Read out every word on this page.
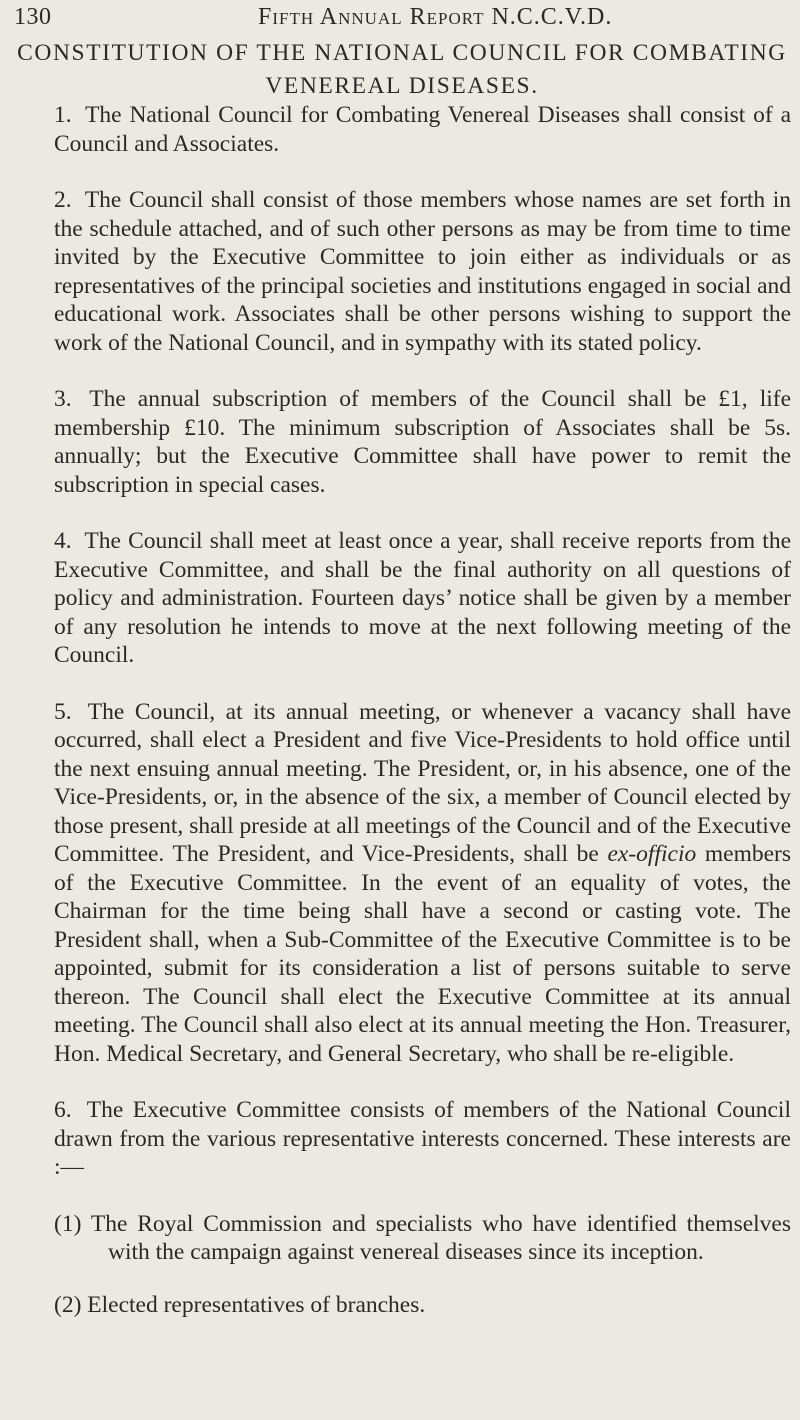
130	Fifth Annual Report N.C.C.V.D.
CONSTITUTION OF THE NATIONAL COUNCIL FOR COMBATING VENEREAL DISEASES.

1. The National Council for Combating Venereal Diseases shall consist of a Council and Associates.

2. The Council shall consist of those members whose names are set forth in the schedule attached, and of such other persons as may be from time to time invited by the Executive Committee to join either as individuals or as representatives of the principal societies and institutions engaged in social and educational work. Associates shall be other persons wishing to support the work of the National Council, and in sympathy with its stated policy.

3. The annual subscription of members of the Council shall be £1, life membership £10. The minimum subscription of Associates shall be 5s. annually; but the Executive Committee shall have power to remit the subscription in special cases.

4. The Council shall meet at least once a year, shall receive reports from the Executive Committee, and shall be the final authority on all questions of policy and administration. Fourteen days’ notice shall be given by a member of any resolution he intends to move at the next following meeting of the Council.

5. The Council, at its annual meeting, or whenever a vacancy shall have occurred, shall elect a President and five Vice-Presidents to hold office until the next ensuing annual meeting. The President, or, in his absence, one of the Vice-Presidents, or, in the absence of the six, a member of Council elected by those present, shall preside at all meetings of the Council and of the Executive Committee. The President, and Vice-Presidents, shall be ex-officio members of the Executive Committee. In the event of an equality of votes, the Chairman for the time being shall have a second or casting vote. The President shall, when a Sub-Committee of the Executive Committee is to be appointed, submit for its consideration a list of persons suitable to serve thereon. The Council shall elect the Executive Committee at its annual meeting. The Council shall also elect at its annual meeting the Hon. Treasurer, Hon. Medical Secretary, and General Secretary, who shall be re-eligible.

6. The Executive Committee consists of members of the National Council drawn from the various representative interests concerned. These interests are :—

(1) The Royal Commission and specialists who have identified themselves with the campaign against venereal diseases since its inception.

(2) Elected representatives of branches.
